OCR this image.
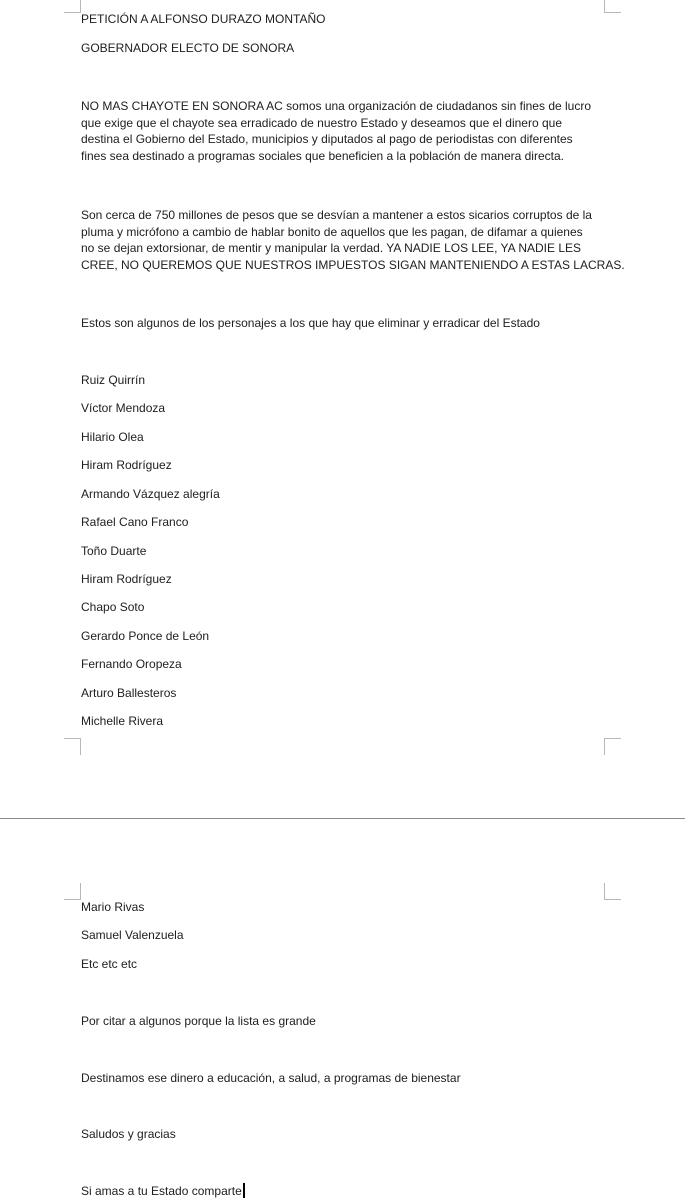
PETICIÓN A ALFONSO DURAZO MONTAÑO

GOBERNADOR ELECTO DE SONORA

NO MAS CHAYOTE EN SONORA AC somos una organización de ciudadanos sin fines de lucro
que exige que el chayote sea erradicado de nuestro Estado y deseamos que el dinero que
destina el Gobierno del Estado, municipios y diputados al pago de periodistas con diferentes
fines sea destinado a programas sociales que beneficien a la población de manera directa.
Son cerca de 750 millones de pesos que se desvían a mantener a estos sicarios corruptos de la
pluma y micrófono a cambio de hablar bonito de aquellos que les pagan, de difamar a quienes
no se dejan extorsionar, de mentir y manipular la verdad. YA NADIE LOS LEE, YA NADIE LES
CREE, NO QUEREMOS QUE NUESTROS IMPUESTOS SIGAN MANTENIENDO A ESTAS LACRAS.

Estos son algunos de los personajes a los que hay que eliminar y erradicar del Estado

Ruiz Quirrín

Víctor Mendoza

Hilario Olea

Hiram Rodríguez

Armando Vázquez alegría

Rafael Cano Franco

Toño Duarte

Hiram Rodríguez

Chapo Soto

Gerardo Ponce de León

Fernando Oropeza

Arturo Ballesteros

Michelle Rivera

Mario Rivas

Samuel Valenzuela

Etc etc etc

Por citar a algunos porque la lista es grande

Destinamos ese dinero a educación, a salud, a programas de bienestar

Saludos y gracias

Si amas a tu Estado comparte
